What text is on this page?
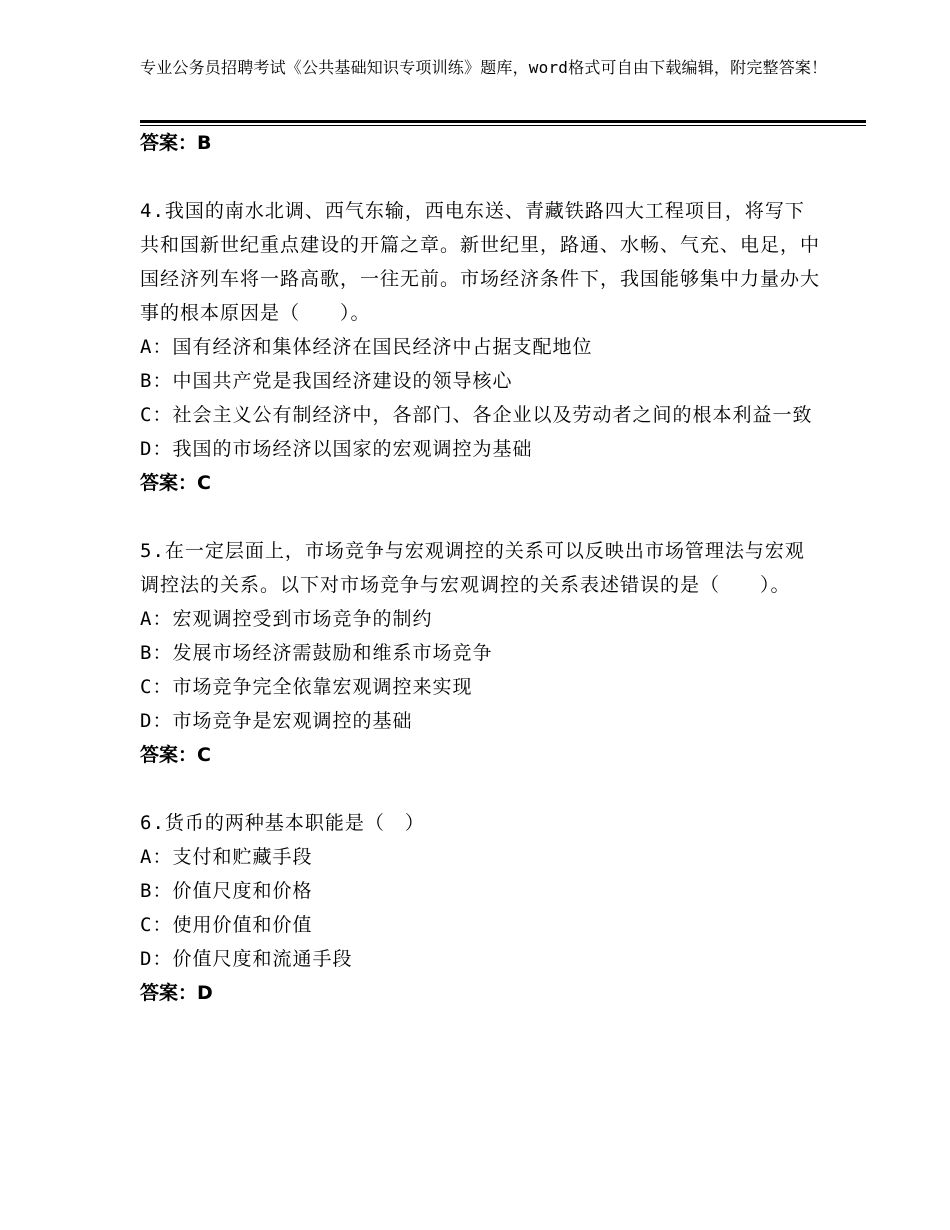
专业公务员招聘考试《公共基础知识专项训练》题库，word格式可自由下载编辑，附完整答案！
答案：B
4.我国的南水北调、西气东输，西电东送、青藏铁路四大工程项目，将写下共和国新世纪重点建设的开篇之章。新世纪里，路通、水畅、气充、电足，中国经济列车将一路高歌，一往无前。市场经济条件下，我国能够集中力量办大事的根本原因是（　　）。
A：国有经济和集体经济在国民经济中占据支配地位
B：中国共产党是我国经济建设的领导核心
C：社会主义公有制经济中，各部门、各企业以及劳动者之间的根本利益一致
D：我国的市场经济以国家的宏观调控为基础
答案：C
5.在一定层面上，市场竞争与宏观调控的关系可以反映出市场管理法与宏观调控法的关系。以下对市场竞争与宏观调控的关系表述错误的是（　　）。
A：宏观调控受到市场竞争的制约
B：发展市场经济需鼓励和维系市场竞争
C：市场竞争完全依靠宏观调控来实现
D：市场竞争是宏观调控的基础
答案：C
6.货币的两种基本职能是（　）
A：支付和贮藏手段
B：价值尺度和价格
C：使用价值和价值
D：价值尺度和流通手段
答案：D
